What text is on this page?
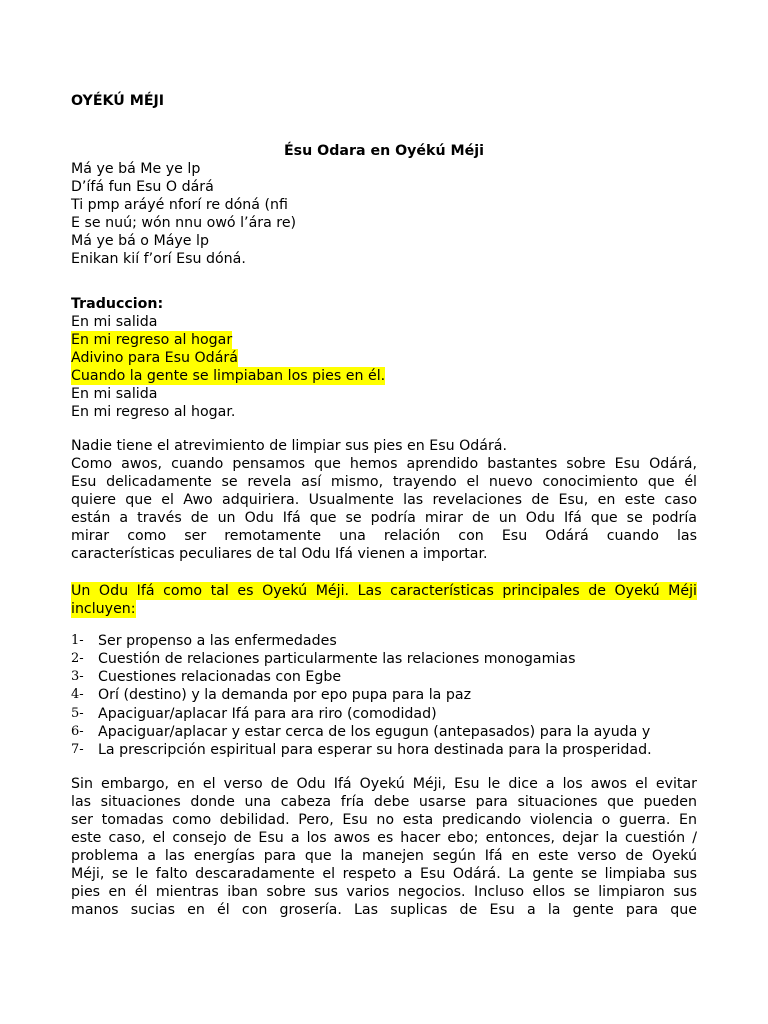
OYÉKÚ MÉJI
Ésu Odara en Oyékú Méji
Má ye bá Me ye lp
D’ífá fun Esu O dárá
Ti pmp aráyé nforí re dóná (nfi
E se nuú; wón nnu owó l’ára re)
Má ye bá o Máye lp
Enikan kií f’orí Esu dóná.
Traduccion:
En mi salida
En mi regreso al hogar
Adivino para Esu Odárá
Cuando la gente se limpiaban los pies en él.
En mi salida
En mi regreso al hogar.
Nadie tiene el atrevimiento de limpiar sus pies en Esu Odárá.
Como awos, cuando pensamos que hemos aprendido bastantes sobre Esu Odárá,
Esu delicadamente se revela así mismo, trayendo el nuevo conocimiento que él
quiere que el Awo adquiriera. Usualmente las revelaciones de Esu, en este caso
están a través de un Odu Ifá que se podría mirar de un Odu Ifá que se podría
mirar como ser remotamente una relación con Esu Odárá cuando las
características peculiares de tal Odu Ifá vienen a importar.
Un Odu Ifá como tal es Oyekú Méji. Las características principales de Oyekú Méji
incluyen:
1- Ser propenso a las enfermedades
2- Cuestión de relaciones particularmente las relaciones monogamias
3- Cuestiones relacionadas con Egbe
4- Orí (destino) y la demanda por epo pupa para la paz
5- Apaciguar/aplacar Ifá para ara riro (comodidad)
6- Apaciguar/aplacar y estar cerca de los egugun (antepasados) para la ayuda y
7- La prescripción espiritual para esperar su hora destinada para la prosperidad.
Sin embargo, en el verso de Odu Ifá Oyekú Méji, Esu le dice a los awos el evitar
las situaciones donde una cabeza fría debe usarse para situaciones que pueden
ser tomadas como debilidad. Pero, Esu no esta predicando violencia o guerra. En
este caso, el consejo de Esu a los awos es hacer ebo; entonces, dejar la cuestión /
problema a las energías para que la manejen según Ifá en este verso de Oyekú
Méji, se le falto descaradamente el respeto a Esu Odárá. La gente se limpiaba sus
pies en él mientras iban sobre sus varios negocios. Incluso ellos se limpiaron sus
manos sucias en él con grosería. Las suplicas de Esu a la gente para que
